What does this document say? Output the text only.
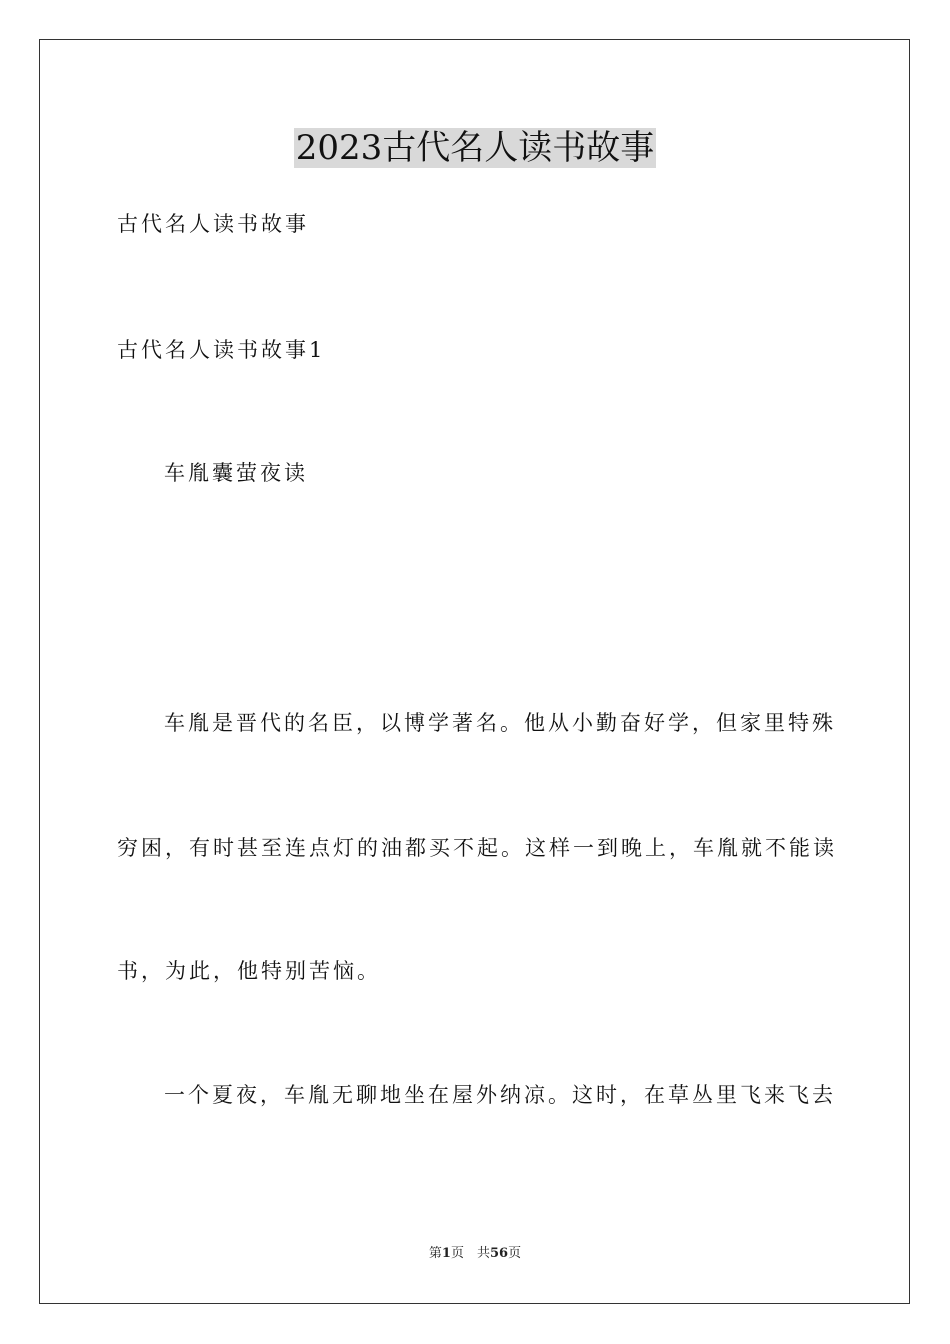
2023古代名人读书故事
古代名人读书故事
古代名人读书故事1
车胤囊萤夜读
车胤是晋代的名臣，以博学著名。他从小勤奋好学，但家里特殊
穷困，有时甚至连点灯的油都买不起。这样一到晚上，车胤就不能读
书，为此，他特别苦恼。
一个夏夜，车胤无聊地坐在屋外纳凉。这时，在草丛里飞来飞去
第1页　共56页
